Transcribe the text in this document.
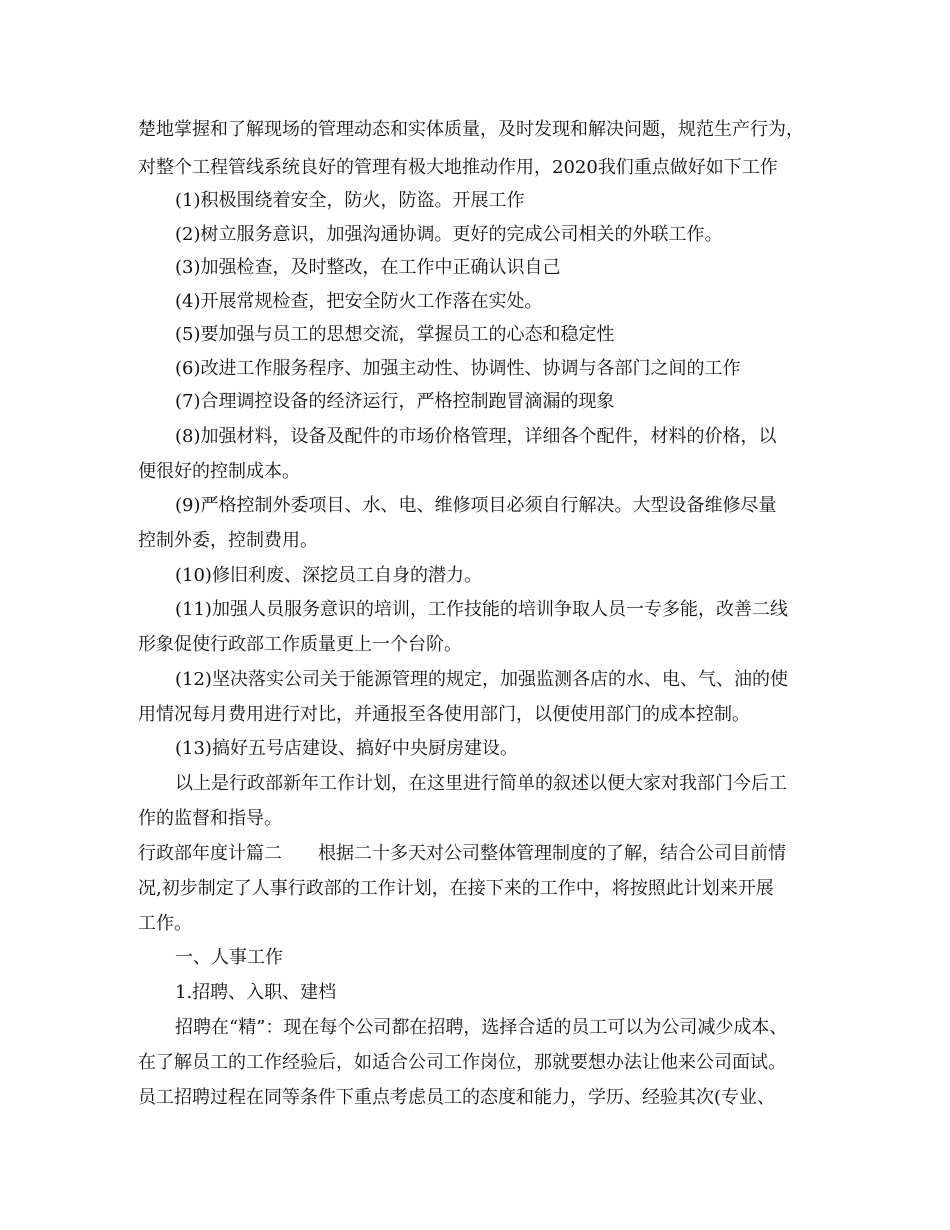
楚地掌握和了解现场的管理动态和实体质量，及时发现和解决问题，规范生产行为，

对整个工程管线系统良好的管理有极大地推动作用，2020我们重点做好如下工作

(1)积极围绕着安全，防火，防盗。开展工作

(2)树立服务意识，加强沟通协调。更好的完成公司相关的外联工作。

(3)加强检查，及时整改，在工作中正确认识自己

(4)开展常规检查，把安全防火工作落在实处。

(5)要加强与员工的思想交流，掌握员工的心态和稳定性

(6)改进工作服务程序、加强主动性、协调性、协调与各部门之间的工作

(7)合理调控设备的经济运行，严格控制跑冒滴漏的现象

(8)加强材料，设备及配件的市场价格管理，详细各个配件，材料的价格，以

便很好的控制成本。

(9)严格控制外委项目、水、电、维修项目必须自行解决。大型设备维修尽量

控制外委，控制费用。

(10)修旧利废、深挖员工自身的潜力。

(11)加强人员服务意识的培训，工作技能的培训争取人员一专多能，改善二线

形象促使行政部工作质量更上一个台阶。

(12)坚决落实公司关于能源管理的规定，加强监测各店的水、电、气、油的使

用情况每月费用进行对比，并通报至各使用部门，以便使用部门的成本控制。

(13)搞好五号店建设、搞好中央厨房建设。

以上是行政部新年工作计划，在这里进行简单的叙述以便大家对我部门今后工

作的监督和指导。

行政部年度计篇二 根据二十多天对公司整体管理制度的了解，结合公司目前情

况,初步制定了人事行政部的工作计划，在接下来的工作中，将按照此计划来开展

工作。

一、人事工作

1.招聘、入职、建档

招聘在“精”：现在每个公司都在招聘，选择合适的员工可以为公司减少成本、

在了解员工的工作经验后，如适合公司工作岗位，那就要想办法让他来公司面试。

员工招聘过程在同等条件下重点考虑员工的态度和能力，学历、经验其次(专业、
